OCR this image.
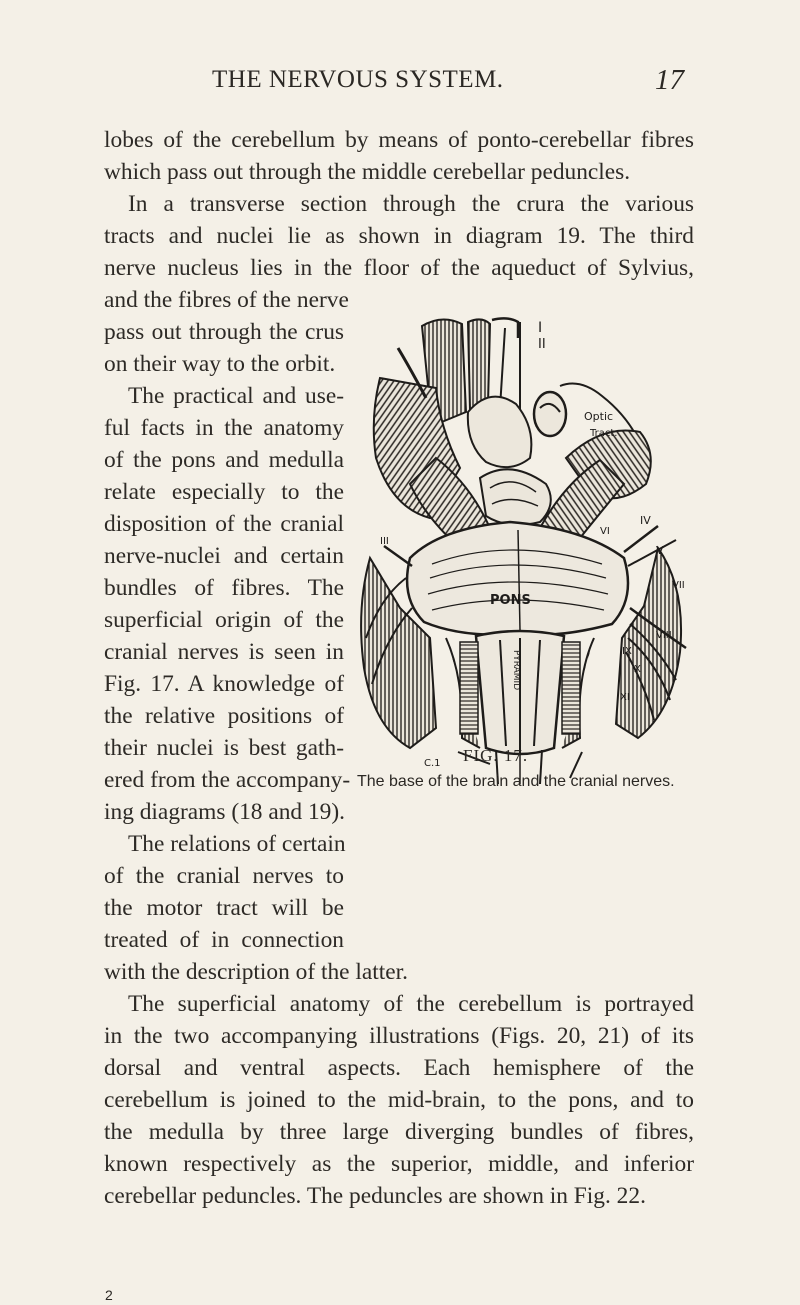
THE NERVOUS SYSTEM.	17
lobes of the cerebellum by means of ponto-cerebellar fibres
which pass out through the middle cerebellar peduncles.
In a transverse section through the crura the various
tracts and nuclei lie as shown in diagram 19. The third
nerve nucleus lies in the floor of the aqueduct of Sylvius,
and the fibres of the nerve
pass out through the crus
on their way to the orbit.
The practical and use-
ful facts in the anatomy
of the pons and medulla
relate especially to the
disposition of the cranial
nerve-nuclei and certain
bundles of fibres. The
superficial origin of the
cranial nerves is seen in
Fig. 17. A knowledge of
the relative positions of
their nuclei is best gath-
ered from the accompany-
ing diagrams (18 and 19).
The relations of certain
of the cranial nerves to
the motor tract will be
treated of in connection
with the description of the latter.
The superficial anatomy of the cerebellum is portrayed
in the two accompanying illustrations (Figs. 20, 21) of its
dorsal and ventral aspects. Each hemisphere of the
cerebellum is joined to the mid-brain, to the pons, and to
the medulla by three large diverging bundles of fibres,
known respectively as the superior, middle, and inferior
cerebellar peduncles. The peduncles are shown in Fig. 22.
I
II
Optic
Tract.
IV
V
VII
VIII
IX
X
XI
III
VI
PONS
PYRAMID
C.1 FIG. 17.
The base of the brain and the cranial nerves.
2
